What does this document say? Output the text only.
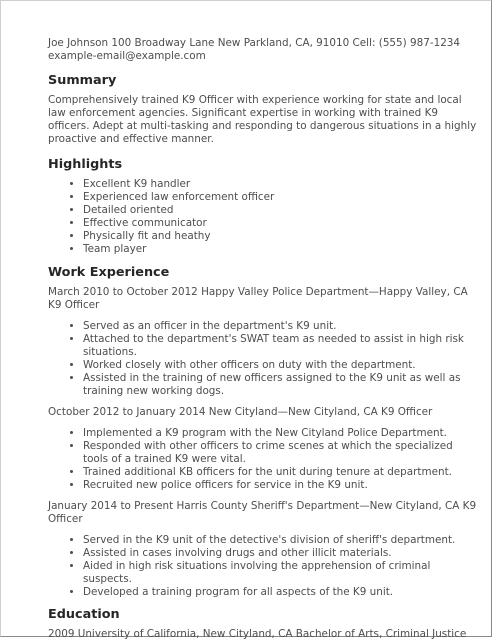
Joe Johnson 100 Broadway Lane New Parkland, CA, 91010 Cell: (555) 987-1234 example-email@example.com
Summary
Comprehensively trained K9 Officer with experience working for state and local law enforcement agencies. Significant expertise in working with trained K9 officers. Adept at multi-tasking and responding to dangerous situations in a highly proactive and effective manner.
Highlights
• Excellent K9 handler
• Experienced law enforcement officer
• Detailed oriented
• Effective communicator
• Physically fit and heathy
• Team player
Work Experience
March 2010 to October 2012 Happy Valley Police Department—Happy Valley, CA K9 Officer
• Served as an officer in the department's K9 unit.
• Attached to the department's SWAT team as needed to assist in high risk situations.
• Worked closely with other officers on duty with the department.
• Assisted in the training of new officers assigned to the K9 unit as well as training new working dogs.
October 2012 to January 2014 New Cityland—New Cityland, CA K9 Officer
• Implemented a K9 program with the New Cityland Police Department.
• Responded with other officers to crime scenes at which the specialized tools of a trained K9 were vital.
• Trained additional KB officers for the unit during tenure at department.
• Recruited new police officers for service in the K9 unit.
January 2014 to Present Harris County Sheriff's Department—New Cityland, CA K9 Officer
• Served in the K9 unit of the detective's division of sheriff's department.
• Assisted in cases involving drugs and other illicit materials.
• Aided in high risk situations involving the apprehension of criminal suspects.
• Developed a training program for all aspects of the K9 unit.
Education
2009 University of California, New Cityland, CA Bachelor of Arts, Criminal Justice
